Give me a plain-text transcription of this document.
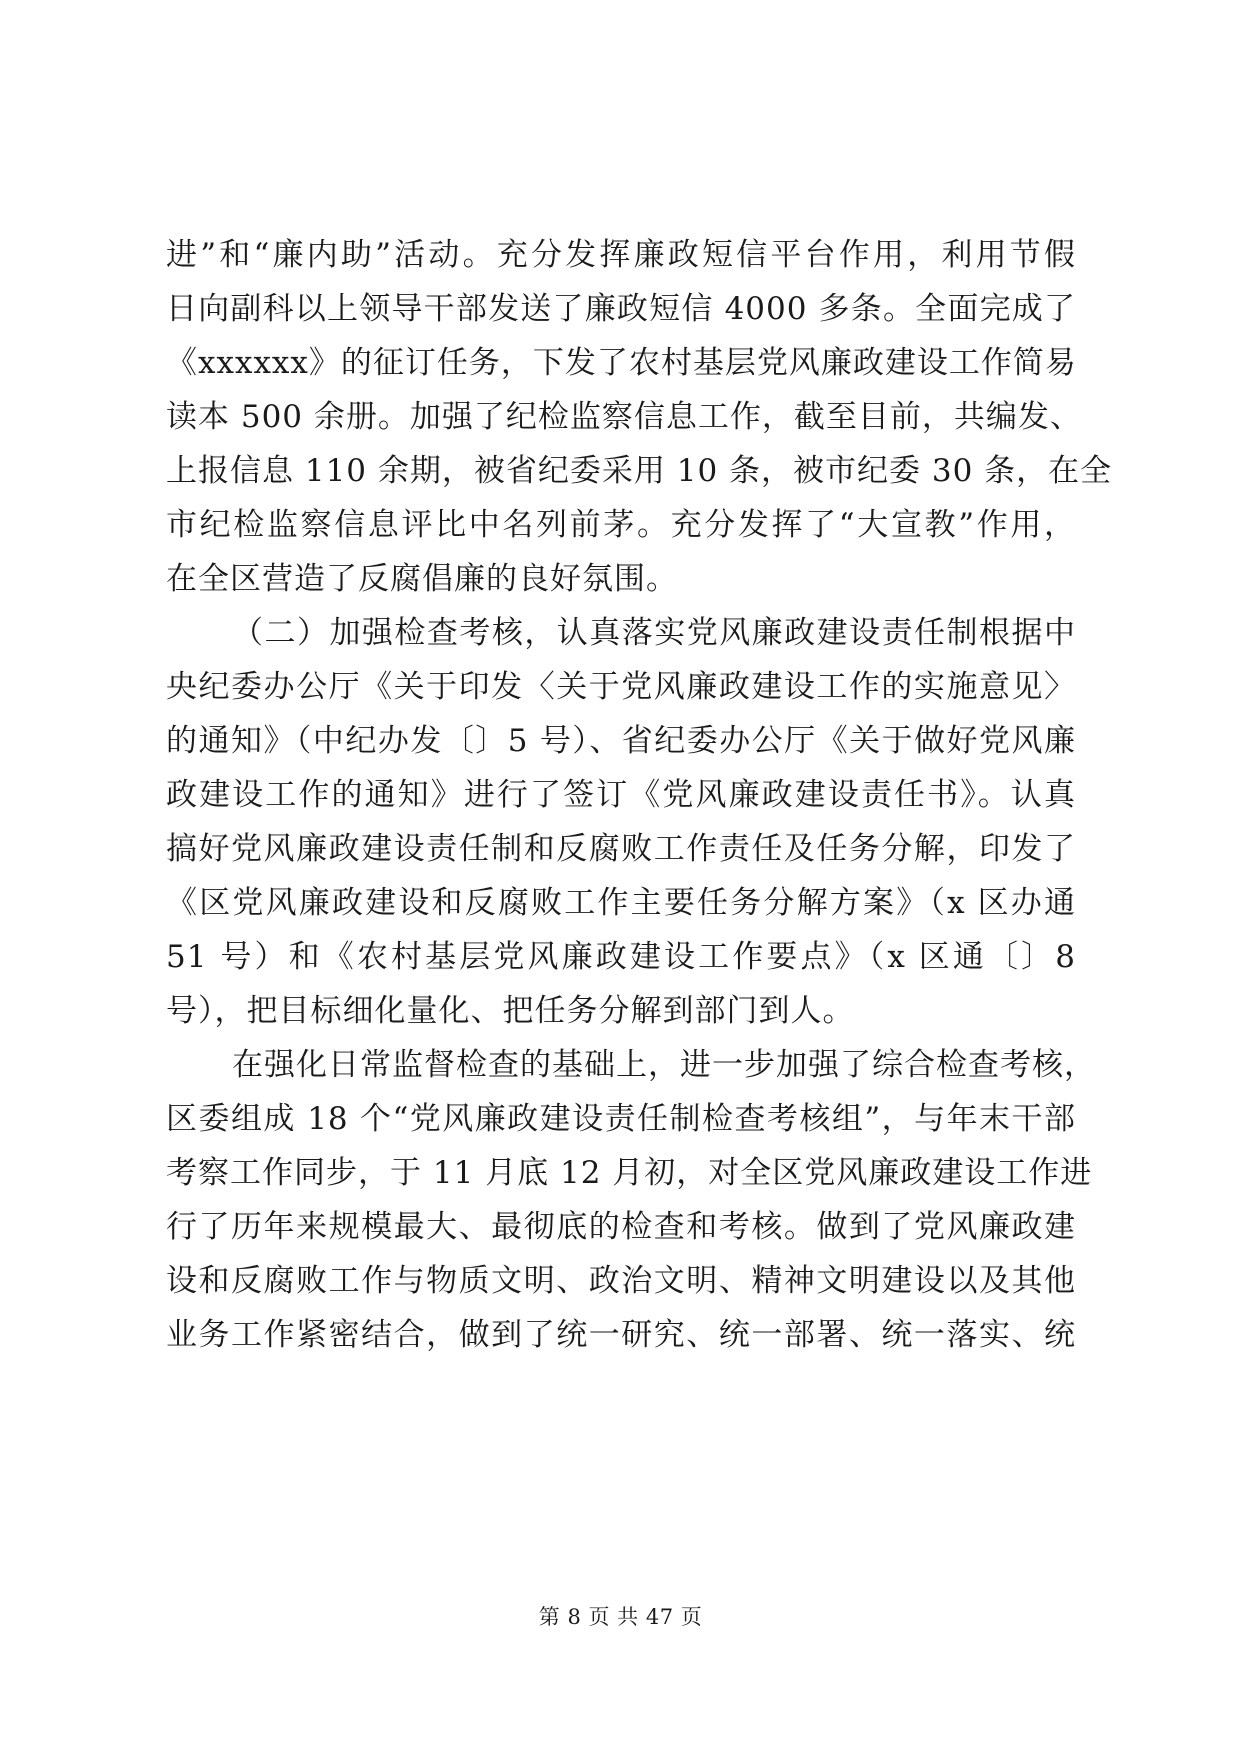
进”和“廉内助”活动。充分发挥廉政短信平台作用，利用节假
日向副科以上领导干部发送了廉政短信 4000 多条。全面完成了
《xxxxxx》的征订任务，下发了农村基层党风廉政建设工作简易
读本 500 余册。加强了纪检监察信息工作，截至目前，共编发、
上报信息 110 余期，被省纪委采用 10 条，被市纪委 30 条，在全
市纪检监察信息评比中名列前茅。充分发挥了“大宣教”作用，
在全区营造了反腐倡廉的良好氛围。
（二）加强检查考核，认真落实党风廉政建设责任制根据中
央纪委办公厅《关于印发〈关于党风廉政建设工作的实施意见〉
的通知》（中纪办发〔〕5 号）、省纪委办公厅《关于做好党风廉
政建设工作的通知》进行了签订《党风廉政建设责任书》。认真
搞好党风廉政建设责任制和反腐败工作责任及任务分解，印发了
《区党风廉政建设和反腐败工作主要任务分解方案》（x 区办通
51 号）和《农村基层党风廉政建设工作要点》（x 区通〔〕8
号），把目标细化量化、把任务分解到部门到人。
在强化日常监督检查的基础上，进一步加强了综合检查考核，
区委组成 18 个“党风廉政建设责任制检查考核组”，与年末干部
考察工作同步，于 11 月底 12 月初，对全区党风廉政建设工作进
行了历年来规模最大、最彻底的检查和考核。做到了党风廉政建
设和反腐败工作与物质文明、政治文明、精神文明建设以及其他
业务工作紧密结合，做到了统一研究、统一部署、统一落实、统
第 8 页 共 47 页
